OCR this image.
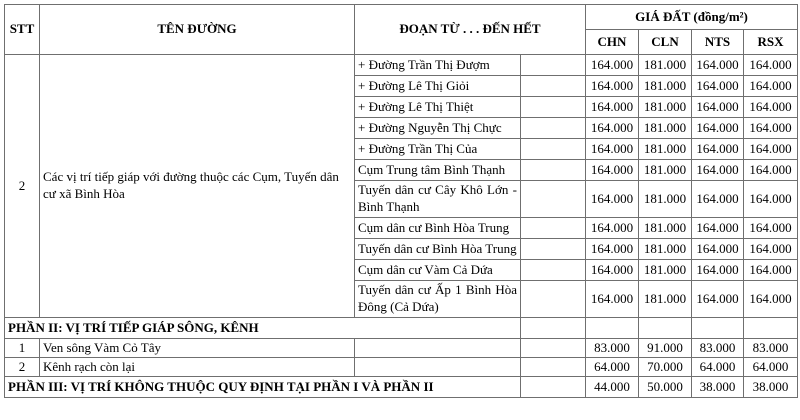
STT	TÊN ĐƯỜNG	ĐOẠN TỪ . . . ĐẾN HẾT		GIÁ ĐẤT (đồng/m²)			
				CHN	CLN	NTS	RSX
2	Các vị trí tiếp giáp với đường thuộc các Cụm, Tuyến dân cư xã Bình Hòa	+ Đường Trần Thị Đượm		164.000	181.000	164.000	164.000
		+ Đường Lê Thị Giỏi		164.000	181.000	164.000	164.000
		+ Đường Lê Thị Thiệt		164.000	181.000	164.000	164.000
		+ Đường Nguyễn Thị Chực		164.000	181.000	164.000	164.000
		+ Đường Trần Thị Của		164.000	181.000	164.000	164.000
		Cụm Trung tâm Bình Thạnh		164.000	181.000	164.000	164.000
		Tuyến dân cư Cây Khô Lớn - Bình Thạnh		164.000	181.000	164.000	164.000
		Cụm dân cư Bình Hòa Trung		164.000	181.000	164.000	164.000
		Tuyến dân cư Bình Hòa Trung		164.000	181.000	164.000	164.000
		Cụm dân cư Vàm Cả Dứa		164.000	181.000	164.000	164.000
		Tuyến dân cư Ấp 1 Bình Hòa Đông (Cả Dứa)		164.000	181.000	164.000	164.000
PHẦN II: VỊ TRÍ TIẾP GIÁP SÔNG, KÊNH							
1	Ven sông Vàm Cỏ Tây			83.000	91.000	83.000	83.000
2	Kênh rạch còn lại			64.000	70.000	64.000	64.000
PHẦN III: VỊ TRÍ KHÔNG THUỘC QUY ĐỊNH TẠI PHẦN I VÀ PHẦN II				44.000	50.000	38.000	38.000
